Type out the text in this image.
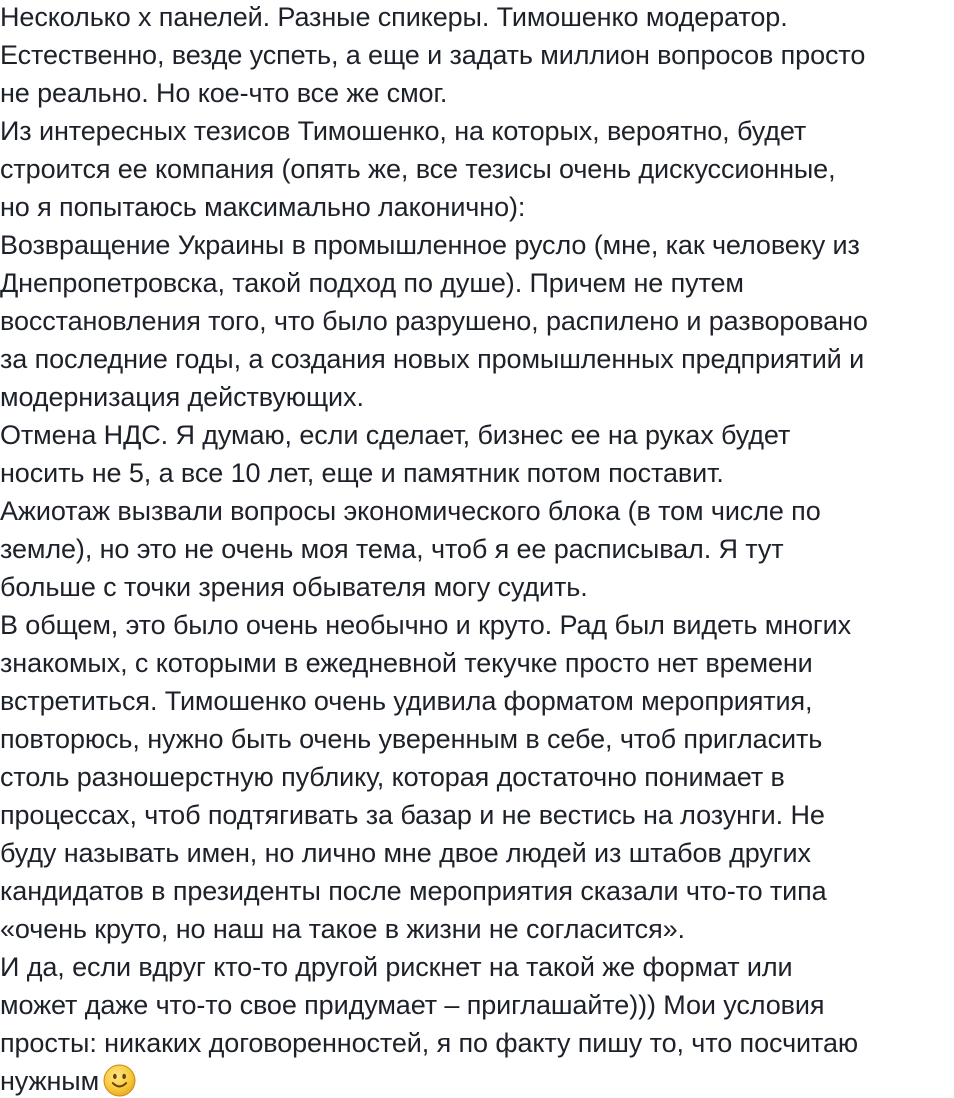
Несколько х панелей. Разные спикеры. Тимошенко модератор.
Естественно, везде успеть, а еще и задать миллион вопросов просто
не реально. Но кое-что все же смог.
Из интересных тезисов Тимошенко, на которых, вероятно, будет
строится ее компания (опять же, все тезисы очень дискуссионные,
но я попытаюсь максимально лаконично):
Возвращение Украины в промышленное русло (мне, как человеку из
Днепропетровска, такой подход по душе). Причем не путем
восстановления того, что было разрушено, распилено и разворовано
за последние годы, а создания новых промышленных предприятий и
модернизация действующих.
Отмена НДС. Я думаю, если сделает, бизнес ее на руках будет
носить не 5, а все 10 лет, еще и памятник потом поставит.
Ажиотаж вызвали вопросы экономического блока (в том числе по
земле), но это не очень моя тема, чтоб я ее расписывал. Я тут
больше с точки зрения обывателя могу судить.
В общем, это было очень необычно и круто. Рад был видеть многих
знакомых, с которыми в ежедневной текучке просто нет времени
встретиться. Тимошенко очень удивила форматом мероприятия,
повторюсь, нужно быть очень уверенным в себе, чтоб пригласить
столь разношерстную публику, которая достаточно понимает в
процессах, чтоб подтягивать за базар и не вестись на лозунги. Не
буду называть имен, но лично мне двое людей из штабов других
кандидатов в президенты после мероприятия сказали что-то типа
«очень круто, но наш на такое в жизни не согласится».
И да, если вдруг кто-то другой рискнет на такой же формат или
может даже что-то свое придумает – приглашайте))) Мои условия
просты: никаких договоренностей, я по факту пишу то, что посчитаю
нужным
